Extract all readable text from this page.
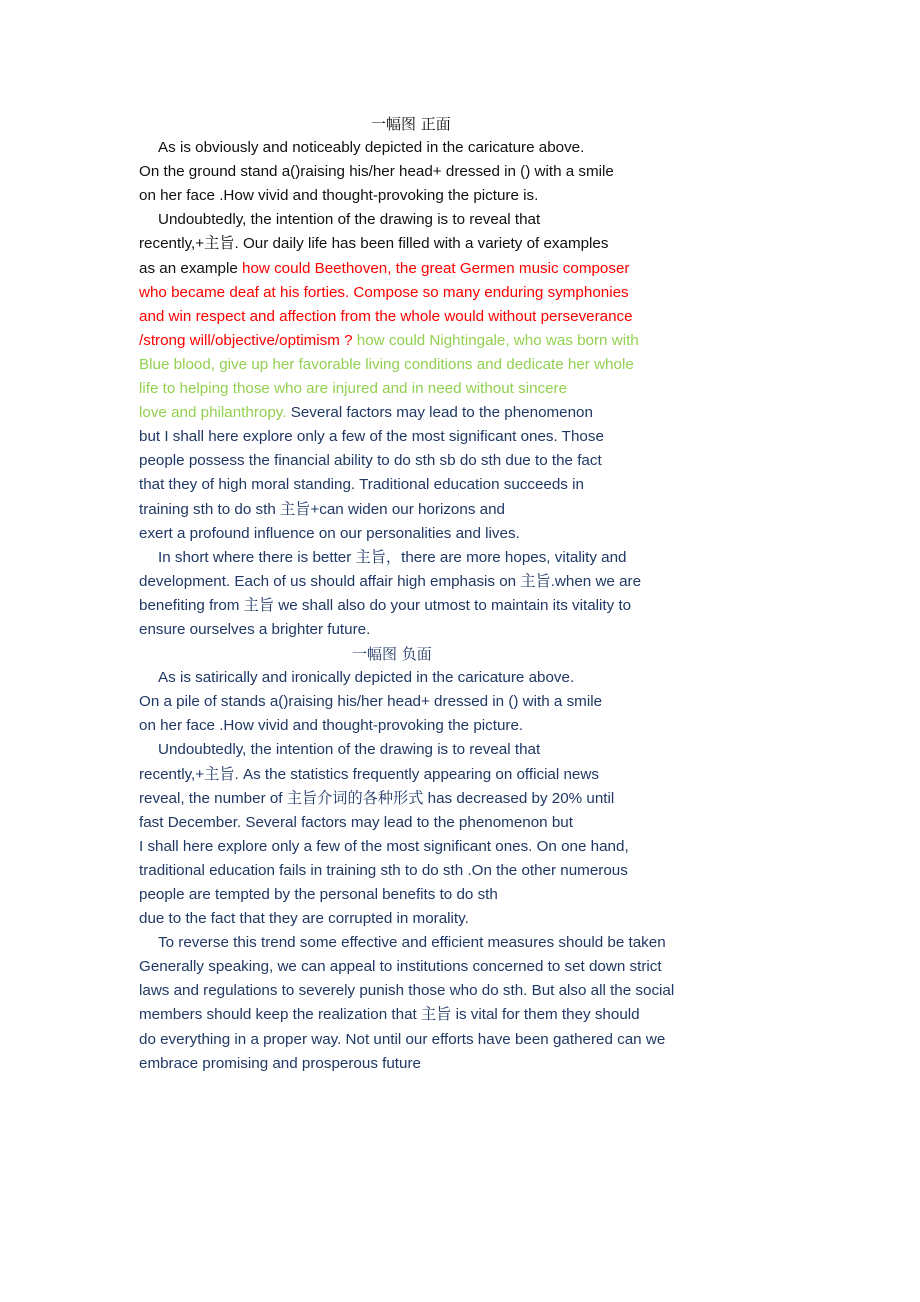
一幅图 正面
As is obviously and noticeably depicted in the caricature above.
On the ground stand a()raising his/her head+ dressed in () with a smile
on her face .How vivid and thought-provoking the picture is.
Undoubtedly, the intention of the drawing is to reveal that
recently,+主旨. Our daily life has been filled with a variety of examples
as an example how could Beethoven, the great Germen music composer
who became deaf at his forties. Compose so many enduring symphonies
and win respect and affection from the whole would without perseverance
/strong will/objective/optimism ? how could Nightingale, who was born with
Blue blood, give up her favorable living conditions and dedicate her whole
life to helping those who are injured and in need without sincere
love and philanthropy. Several factors may lead to the phenomenon
but I shall here explore only a few of the most significant ones. Those
people possess the financial ability to do sth sb do sth due to the fact
that they of high moral standing. Traditional education succeeds in
training sth to do sth 主旨+can widen our horizons and
exert a profound influence on our personalities and lives.
In short where there is better 主旨，there are more hopes, vitality and
development. Each of us should affair high emphasis on 主旨.when we are
benefiting from 主旨 we shall also do your utmost to maintain its vitality to
ensure ourselves a brighter future.
一幅图 负面
As is satirically and ironically depicted in the caricature above.
On a pile of stands a()raising his/her head+ dressed in () with a smile
on her face .How vivid and thought-provoking the picture.
Undoubtedly, the intention of the drawing is to reveal that
recently,+主旨. As the statistics frequently appearing on official news
reveal, the number of 主旨介词的各种形式 has decreased by 20% until
fast December. Several factors may lead to the phenomenon but
I shall here explore only a few of the most significant ones. On one hand,
traditional education fails in training sth to do sth .On the other numerous
people are tempted by the personal benefits to do sth
due to the fact that they are corrupted in morality.
To reverse this trend some effective and efficient measures should be taken
Generally speaking, we can appeal to institutions concerned to set down strict
laws and regulations to severely punish those who do sth. But also all the social
members should keep the realization that 主旨 is vital for them they should
do everything in a proper way. Not until our efforts have been gathered can we
embrace promising and prosperous future
